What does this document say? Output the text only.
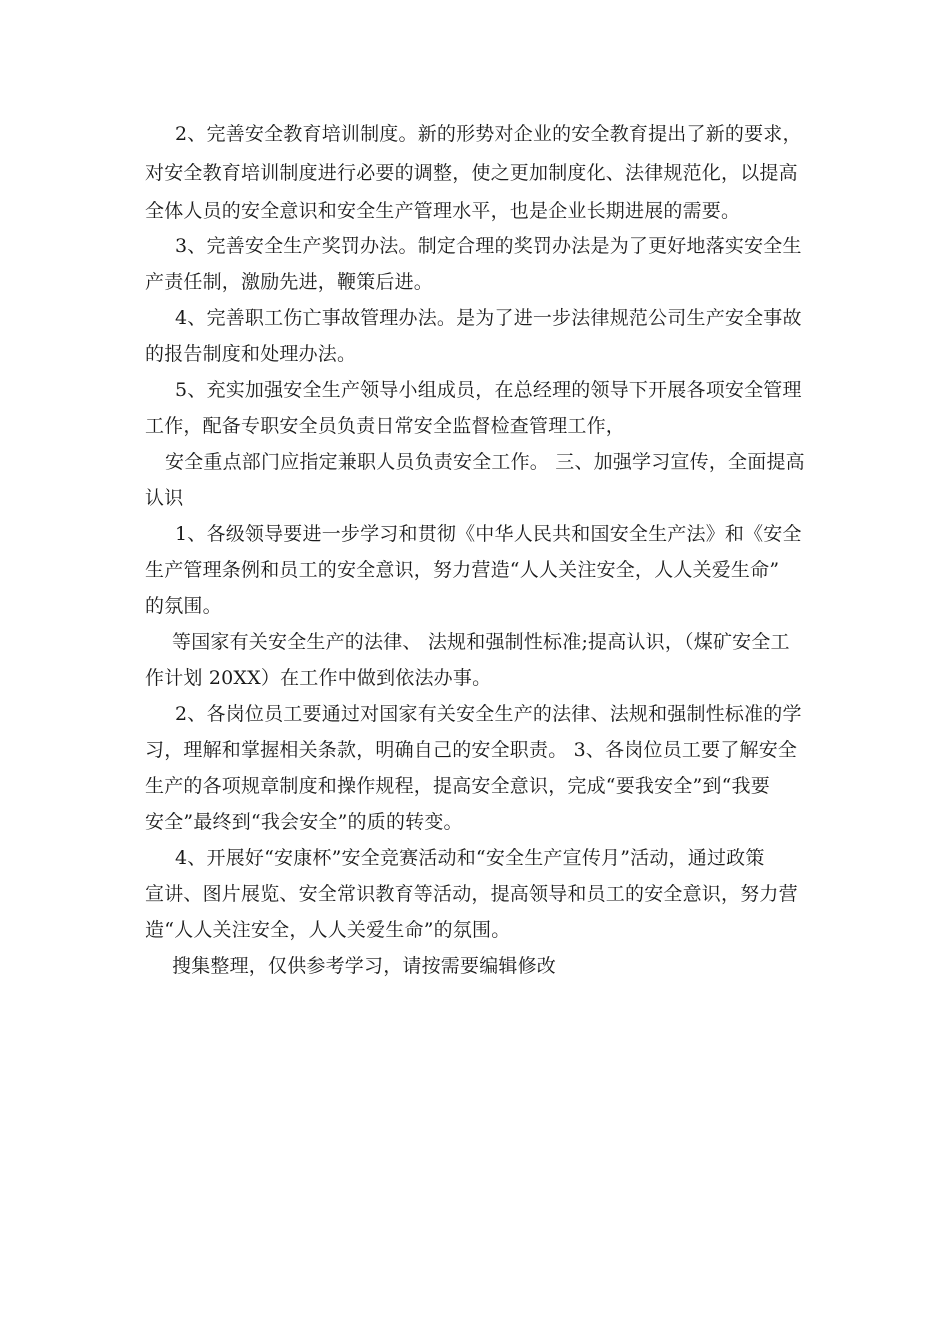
2、完善安全教育培训制度。新的形势对企业的安全教育提出了新的要求，
对安全教育培训制度进行必要的调整，使之更加制度化、法律规范化，以提高
全体人员的安全意识和安全生产管理水平，也是企业长期进展的需要。
3、完善安全生产奖罚办法。制定合理的奖罚办法是为了更好地落实安全生
产责任制，激励先进，鞭策后进。
4、完善职工伤亡事故管理办法。是为了进一步法律规范公司生产安全事故
的报告制度和处理办法。
5、充实加强安全生产领导小组成员，在总经理的领导下开展各项安全管理
工作，配备专职安全员负责日常安全监督检查管理工作，
安全重点部门应指定兼职人员负责安全工作。 三、加强学习宣传，全面提高
认识
1、各级领导要进一步学习和贯彻《中华人民共和国安全生产法》和《安全
生产管理条例和员工的安全意识，努力营造“人人关注安全，人人关爱生命”
的氛围。
等国家有关安全生产的法律、 法规和强制性标准;提高认识，（煤矿安全工
作计划 20XX）在工作中做到依法办事。
2、各岗位员工要通过对国家有关安全生产的法律、法规和强制性标准的学
习，理解和掌握相关条款，明确自己的安全职责。 3、各岗位员工要了解安全
生产的各项规章制度和操作规程，提高安全意识，完成“要我安全”到“我要
安全”最终到“我会安全”的质的转变。
4、开展好“安康杯”安全竞赛活动和“安全生产宣传月”活动，通过政策
宣讲、图片展览、安全常识教育等活动，提高领导和员工的安全意识，努力营
造“人人关注安全，人人关爱生命”的氛围。
搜集整理，仅供参考学习，请按需要编辑修改
